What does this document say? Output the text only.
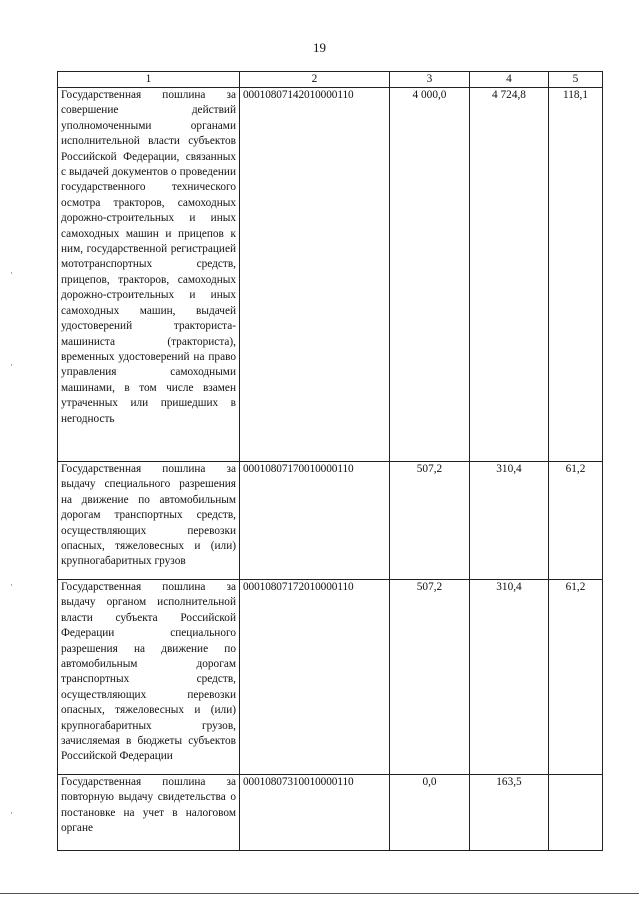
19
1	2	3	4	5
Государственная пошлина за совершение действий уполномоченными органами исполнительной власти субъектов Российской Федерации, связанных с выдачей документов о проведении государственного технического осмотра тракторов, самоходных дорожно-строительных и иных самоходных машин и прицепов к ним, государственной регистрацией мототранспортных средств, прицепов, тракторов, самоходных дорожно-строительных и иных самоходных машин, выдачей удостоверений тракториста-машиниста (тракториста), временных удостоверений на право управления самоходными машинами, в том числе взамен утраченных или пришедших в негодность	00010807142010000110	4 000,0	4 724,8	118,1
Государственная пошлина за выдачу специального разрешения на движение по автомобильным дорогам транспортных средств, осуществляющих перевозки опасных, тяжеловесных и (или) крупногабаритных грузов	00010807170010000110	507,2	310,4	61,2
Государственная пошлина за выдачу органом исполнительной власти субъекта Российской Федерации специального разрешения на движение по автомобильным дорогам транспортных средств, осуществляющих перевозки опасных, тяжеловесных и (или) крупногабаритных грузов, зачисляемая в бюджеты субъектов Российской Федерации	00010807172010000110	507,2	310,4	61,2
Государственная пошлина за повторную выдачу свидетельства о постановке на учет в налоговом органе	00010807310010000110	0,0	163,5	
·
·
·
·
